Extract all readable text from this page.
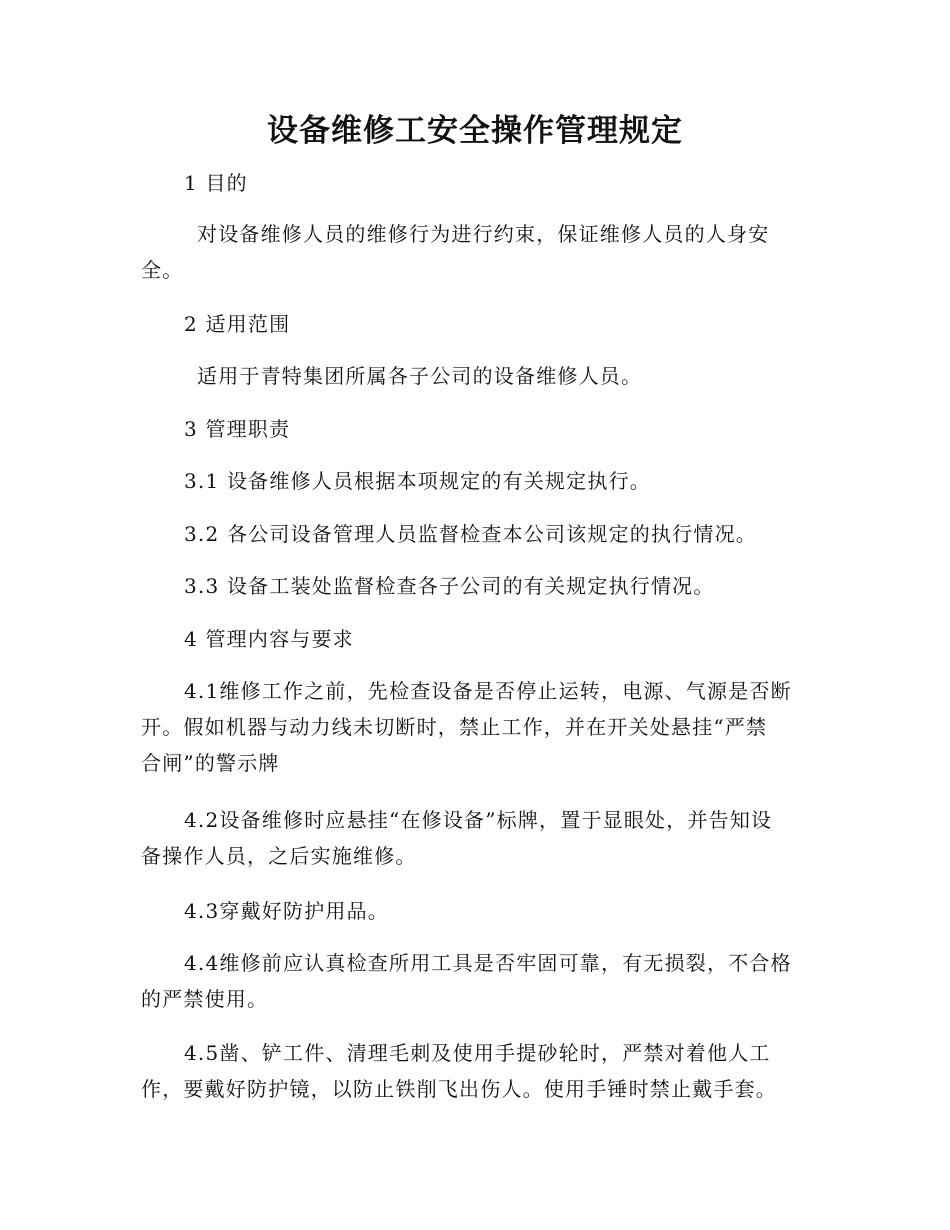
设备维修工安全操作管理规定
1 目的
对设备维修人员的维修行为进行约束，保证维修人员的人身安
全。
2 适用范围
适用于青特集团所属各子公司的设备维修人员。
3 管理职责
3.1 设备维修人员根据本项规定的有关规定执行。
3.2 各公司设备管理人员监督检查本公司该规定的执行情况。
3.3 设备工装处监督检查各子公司的有关规定执行情况。
4 管理内容与要求
4.1维修工作之前，先检查设备是否停止运转，电源、气源是否断
开。假如机器与动力线未切断时，禁止工作，并在开关处悬挂“严禁
合闸”的警示牌
4.2设备维修时应悬挂“在修设备”标牌，置于显眼处，并告知设
备操作人员，之后实施维修。
4.3穿戴好防护用品。
4.4维修前应认真检查所用工具是否牢固可靠，有无损裂，不合格
的严禁使用。
4.5凿、铲工件、清理毛刺及使用手提砂轮时，严禁对着他人工
作，要戴好防护镜，以防止铁削飞出伤人。使用手锤时禁止戴手套。
